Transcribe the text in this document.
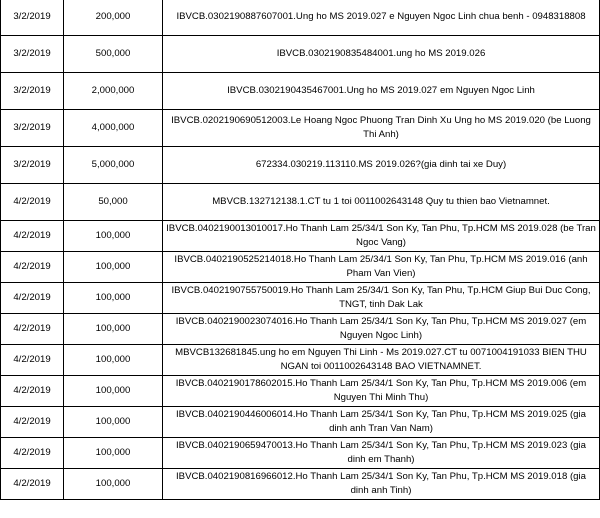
3/2/2019	200,000	IBVCB.0302190887607001.Ung ho MS 2019.027 e Nguyen Ngoc Linh chua benh - 0948318808	
3/2/2019	500,000	IBVCB.0302190835484001.ung ho MS 2019.026	
3/2/2019	2,000,000	IBVCB.0302190435467001.Ung ho MS 2019.027 em Nguyen Ngoc Linh	
3/2/2019	4,000,000	IBVCB.0202190690512003.Le Hoang Ngoc Phuong Tran Dinh Xu Ung ho MS 2019.020 (be Luong Thi Anh)	
3/2/2019	5,000,000	672334.030219.113110.MS 2019.026?(gia dinh tai xe Duy)	
4/2/2019	50,000	MBVCB.132712138.1.CT tu 1 toi 0011002643148 Quy tu thien bao Vietnamnet.	
4/2/2019	100,000	IBVCB.0402190013010017.Ho Thanh Lam 25/34/1 Son Ky, Tan Phu, Tp.HCM MS 2019.028 (be Tran Ngoc Vang)	
4/2/2019	100,000	IBVCB.0402190525214018.Ho Thanh Lam 25/34/1 Son Ky, Tan Phu, Tp.HCM MS 2019.016 (anh Pham Van Vien)	
4/2/2019	100,000	IBVCB.0402190755750019.Ho Thanh Lam 25/34/1 Son Ky, Tan Phu, Tp.HCM Giup Bui Duc Cong, TNGT, tinh Dak Lak	
4/2/2019	100,000	IBVCB.0402190023074016.Ho Thanh Lam 25/34/1 Son Ky, Tan Phu, Tp.HCM MS 2019.027 (em Nguyen Ngoc Linh)	
4/2/2019	100,000	MBVCB132681845.ung ho em Nguyen Thi Linh - Ms 2019.027.CT tu 0071004191033 BIEN THU NGAN toi 0011002643148 BAO VIETNAMNET.	
4/2/2019	100,000	IBVCB.0402190178602015.Ho Thanh Lam 25/34/1 Son Ky, Tan Phu, Tp.HCM MS 2019.006 (em Nguyen Thi Minh Thu)	
4/2/2019	100,000	IBVCB.0402190446006014.Ho Thanh Lam 25/34/1 Son Ky, Tan Phu, Tp.HCM MS 2019.025 (gia dinh anh Tran Van Nam)	
4/2/2019	100,000	IBVCB.0402190659470013.Ho Thanh Lam 25/34/1 Son Ky, Tan Phu, Tp.HCM MS 2019.023 (gia dinh em Thanh)	
4/2/2019	100,000	IBVCB.0402190816966012.Ho Thanh Lam 25/34/1 Son Ky, Tan Phu, Tp.HCM MS 2019.018 (gia dinh anh Tinh)	
